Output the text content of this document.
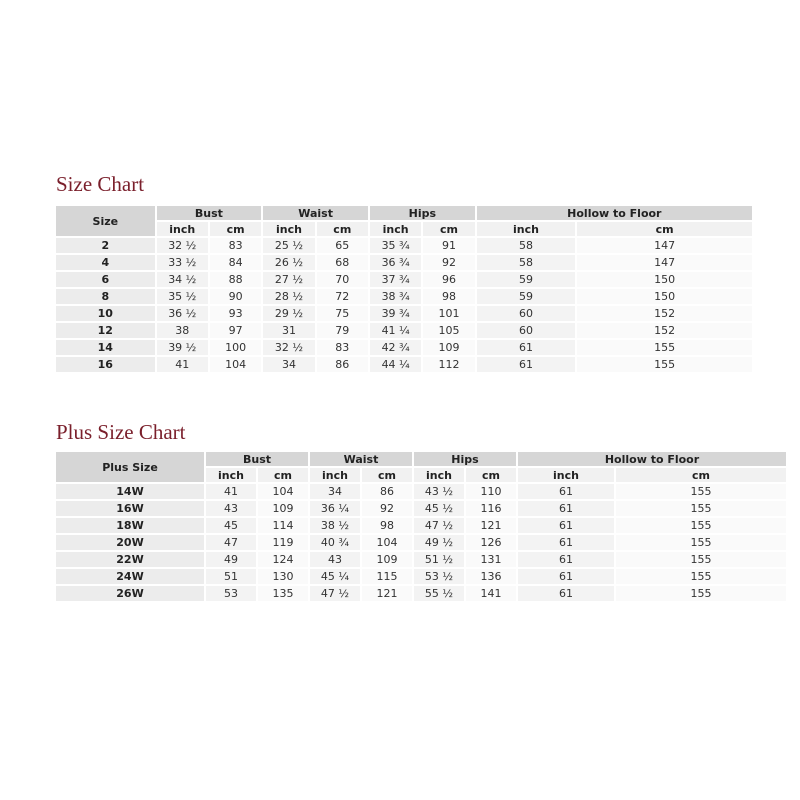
Size Chart
Size	Bust		Waist		Hips		Hollow to Floor	
	inch	cm	inch	cm	inch	cm	inch	cm
2	32 ½	83	25 ½	65	35 ¾	91	58	147
4	33 ½	84	26 ½	68	36 ¾	92	58	147
6	34 ½	88	27 ½	70	37 ¾	96	59	150
8	35 ½	90	28 ½	72	38 ¾	98	59	150
10	36 ½	93	29 ½	75	39 ¾	101	60	152
12	38	97	31	79	41 ¼	105	60	152
14	39 ½	100	32 ½	83	42 ¾	109	61	155
16	41	104	34	86	44 ¼	112	61	155
Plus Size Chart
Plus Size	Bust		Waist		Hips		Hollow to Floor	
	inch	cm	inch	cm	inch	cm	inch	cm
14W	41	104	34	86	43 ½	110	61	155
16W	43	109	36 ¼	92	45 ½	116	61	155
18W	45	114	38 ½	98	47 ½	121	61	155
20W	47	119	40 ¾	104	49 ½	126	61	155
22W	49	124	43	109	51 ½	131	61	155
24W	51	130	45 ¼	115	53 ½	136	61	155
26W	53	135	47 ½	121	55 ½	141	61	155
